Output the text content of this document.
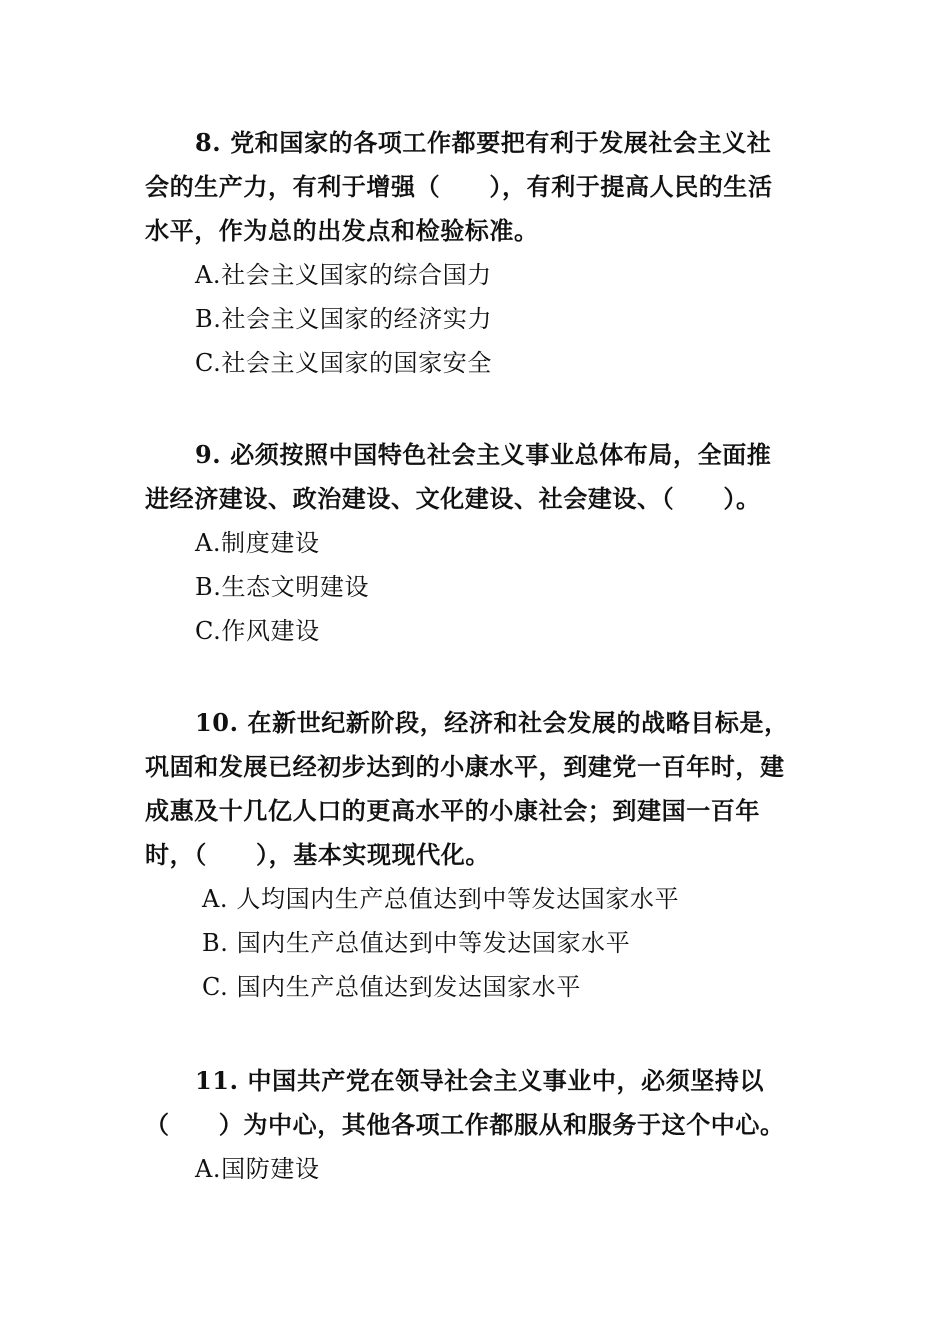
8. 党和国家的各项工作都要把有利于发展社会主义社会的生产力，有利于增强（　　），有利于提高人民的生活水平，作为总的出发点和检验标准。

A.社会主义国家的综合国力

B.社会主义国家的经济实力

C.社会主义国家的国家安全

9. 必须按照中国特色社会主义事业总体布局，全面推进经济建设、政治建设、文化建设、社会建设、（　　）。

A.制度建设

B.生态文明建设

C.作风建设

10. 在新世纪新阶段，经济和社会发展的战略目标是，巩固和发展已经初步达到的小康水平，到建党一百年时，建成惠及十几亿人口的更高水平的小康社会；到建国一百年时，（　　），基本实现现代化。

A. 人均国内生产总值达到中等发达国家水平

B. 国内生产总值达到中等发达国家水平

C. 国内生产总值达到发达国家水平

11. 中国共产党在领导社会主义事业中，必须坚持以（　　）为中心，其他各项工作都服从和服务于这个中心。

A.国防建设
